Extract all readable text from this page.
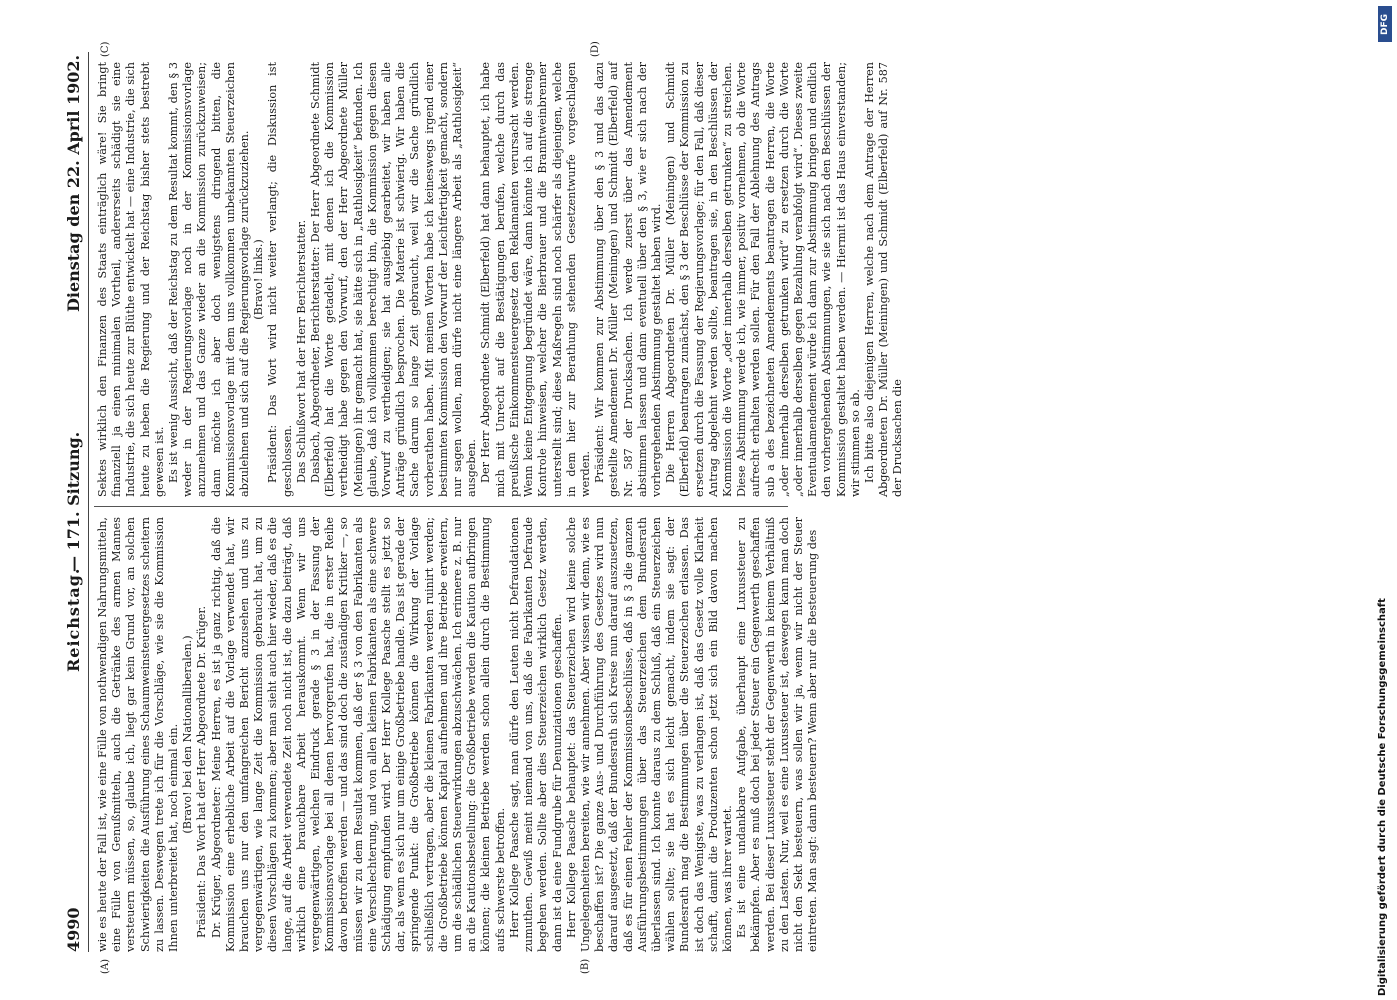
4990
Reichstag.
— 171. Sitzung.
Dienstag den 22. April 1902.
(A)	(B)
(C)	(D)

wie es heute der Fall ist, wie eine Fülle von nothwendigen Nahrungsmitteln, eine Fülle von Genußmitteln, auch die Getränke des armen Mannes versteuern müssen, so, glaube ich, liegt gar kein Grund vor, an solchen Schwierigkeiten die Ausführung eines Schaumweinsteuergesetzes scheitern zu lassen. Deswegen trete ich für die Vorschläge, wie sie die Kommission Ihnen unterbreitet hat, noch einmal ein. (Bravo! bei den Nationalliberalen.) Präsident: Das Wort hat der Herr Abgeordnete Dr. Krüger. Dr. Krüger, Abgeordneter: Meine Herren, es ist ja ganz richtig, daß die Kommission eine erhebliche Arbeit auf die Vorlage verwendet hat, wir brauchen uns nur den umfangreichen Bericht anzusehen und uns zu vergegenwärtigen, wie lange Zeit die Kommission gebraucht hat, um zu diesen Vorschlägen zu kommen; aber man sieht auch hier wieder, daß es die lange, auf die Arbeit verwendete Zeit noch nicht ist, die dazu beiträgt, daß wirklich eine brauchbare Arbeit herauskommt. Wenn wir uns vergegenwärtigen, welchen Eindruck gerade § 3 in der Fassung der Kommissionsvorlage bei all denen hervorgerufen hat, die in erster Reihe davon betroffen werden — und das sind doch die zuständigen Kritiker —, so müssen wir zu dem Resultat kommen, daß der § 3 von den Fabrikanten als eine Verschlechterung, und von allen kleinen Fabrikanten als eine schwere Schädigung empfunden wird. Der Herr Kollege Paasche stellt es jetzt so dar, als wenn es sich nur um einige Großbetriebe handle. Das ist gerade der springende Punkt: die Großbetriebe können die Wirkung der Vorlage schließlich vertragen, aber die kleinen Fabrikanten werden ruinirt werden; die Großbetriebe können Kapital aufnehmen und ihre Betriebe erweitern, um die schädlichen Steuerwirkungen abzuschwächen. Ich erinnere z. B. nur an die Kautionsbestellung: die Großbetriebe werden die Kaution aufbringen können; die kleinen Betriebe werden schon allein durch die Bestimmung aufs schwerste betroffen. Herr Kollege Paasche sagt, man dürfe den Leuten nicht Defraudationen zumuthen. Gewiß meint niemand von uns, daß die Fabrikanten Defraude begehen werden. Sollte aber dies Steuerzeichen wirklich Gesetz werden, dann ist da eine Fundgrube für Denunziationen geschaffen. Herr Kollege Paasche behauptet: das Steuerzeichen wird keine solche Ungelegenheiten bereiten, wie wir annehmen. Aber wissen wir denn, wie es beschaffen ist? Die ganze Aus- und Durchführung des Gesetzes wird nun darauf ausgesetzt, daß der Bundesrath sich Kreise nun darauf auszusetzen, daß es für einen Fehler der Kommissionsbeschlüsse, daß in § 3 die ganzen Ausführungsbestimmungen über das Steuerzeichen dem Bundesrath überlassen sind. Ich konnte daraus zu dem Schluß, daß ein Steuerzeichen wählen sollte; sie hat es sich leicht gemacht, indem sie sagt: der Bundesrath mag die Bestimmungen über die Steuerzeichen erlassen. Das ist doch das Wenigste, was zu verlangen ist, daß das Gesetz volle Klarheit schafft, damit die Produzenten schon jetzt sich ein Bild davon machen können, was ihrer wartet. Es ist eine undankbare Aufgabe, überhaupt eine Luxussteuer zu bekämpfen. Aber es muß doch bei jeder Steuer ein Gegenwerth geschaffen werden. Bei dieser Luxussteuer steht der Gegenwerth in keinem Verhältniß zu den Lasten. Nur, weil es eine Luxussteuer ist, deswegen kann man doch nicht den Sekt besteuern, was sollen wir ja, wenn wir nicht der Steuer eintreten. Man sagt: dann besteuern? Wenn aber nur die Besteuerung des

Sektes wirklich den Finanzen des Staats einträglich wäre! Sie bringt finanziell ja einen minimalen Vortheil, andererseits schädigt sie eine Industrie, die sich heute zur Blüthe entwickelt hat — eine Industrie, die sich heute zu heben die Regierung und der Reichstag bisher stets bestrebt gewesen ist. Es ist wenig Aussicht, daß der Reichstag zu dem Resultat kommt, den § 3 weder in der Regierungsvorlage noch in der Kommissionsvorlage anzunehmen und das Ganze wieder an die Kommission zurückzuweisen; dann möchte ich aber doch wenigstens dringend bitten, die Kommissionsvorlage mit dem uns vollkommen unbekannten Steuerzeichen abzulehnen und sich auf die Regierungsvorlage zurückzuziehen. (Bravo! links.) Präsident: Das Wort wird nicht weiter verlangt; die Diskussion ist geschlossen. Das Schlußwort hat der Herr Berichterstatter. Dasbach, Abgeordneter, Berichterstatter: Der Herr Abgeordnete Schmidt (Elberfeld) hat die Worte getadelt, mit denen ich die Kommission vertheidigt habe gegen den Vorwurf, den der Herr Abgeordnete Müller (Meiningen) ihr gemacht hat, sie hätte sich in „Rathlosigkeit“ befunden. Ich glaube, daß ich vollkommen berechtigt bin, die Kommission gegen diesen Vorwurf zu vertheidigen; sie hat ausgiebig gearbeitet, wir haben alle Anträge gründlich besprochen. Die Materie ist schwierig. Wir haben die Sache darum so lange Zeit gebraucht, weil wir die Sache gründlich vorberathen haben. Mit meinen Worten habe ich keineswegs irgend einer bestimmten Kommission den Vorwurf der Leichtfertigkeit gemacht, sondern nur sagen wollen, man dürfe nicht eine längere Arbeit als „Rathlosigkeit“ ausgeben. Der Herr Abgeordnete Schmidt (Elberfeld) hat dann behauptet, ich habe mich mit Unrecht auf die Bestätigungen berufen, welche durch das preußische Einkommensteuergesetz den Reklamanten verursacht werden. Wenn keine Entgegnung begründet wäre, dann könnte ich auf die strenge Kontrole hinweisen, welcher die Bierbrauer und die Branntweinbrenner unterstellt sind; diese Maßregeln sind noch schärfer als diejenigen, welche in dem hier zur Berathung stehenden Gesetzentwurfe vorgeschlagen werden. Präsident: Wir kommen zur Abstimmung über den § 3 und das dazu gestellte Amendement Dr. Müller (Meiningen) und Schmidt (Elberfeld) auf Nr. 587 der Drucksachen. Ich werde zuerst über das Amendement abstimmen lassen und dann eventuell über den § 3, wie er sich nach der vorhergehenden Abstimmung gestaltet haben wird. Die Herren Abgeordneten Dr. Müller (Meiningen) und Schmidt (Elberfeld) beantragen zunächst, den § 3 der Beschlüsse der Kommission zu ersetzen durch die Fassung der Regierungsvorlage; für den Fall, daß dieser Antrag abgelehnt werden sollte, beantragen sie, in den Beschlüssen der Kommission die Worte „oder innerhalb derselben getrunken“ zu streichen. Diese Abstimmung werde ich, wie immer, positiv vornehmen, ob die Worte aufrecht erhalten werden sollen. Für den Fall der Ablehnung des Antrags sub a des bezeichneten Amendements beantragen die Herren, die Worte „oder innerhalb derselben getrunken wird“ zu ersetzen durch die Worte „oder innerhalb derselben gegen Bezahlung verabfolgt wird“. Dieses zweite Eventualamendement würde ich dann zur Abstimmung bringen und endlich den vorhergehenden Abstimmungen, wie sie sich nach den Beschlüssen der Kommission gestaltet haben werden. — Hiermit ist das Haus einverstanden; wir stimmen so ab. Ich bitte also diejenigen Herren, welche nach dem Antrage der Herren Abgeordneten Dr. Müller (Meiningen) und Schmidt (Elberfeld) auf Nr. 587 der Drucksachen die

DFG
Digitalisierung gefördert durch die Deutsche Forschungsgemeinschaft
